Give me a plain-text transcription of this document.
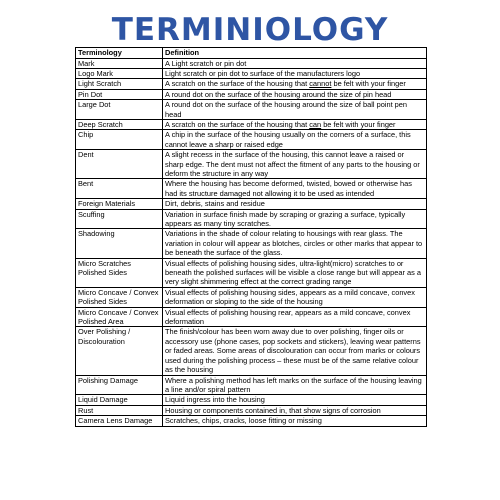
TERMINIOLOGY
Terminology	Definition
Mark	A Light scratch or pin dot
Logo Mark	Light scratch or pin dot to surface of the manufacturers logo
Light Scratch	A scratch on the surface of the housing that cannot be felt with your finger
Pin Dot	A round dot on the surface of the housing around the size of pin head
Large Dot	A round dot on the surface of the housing around the size of ball point pen head
Deep Scratch	A scratch on the surface of the housing that can be felt with your finger
Chip	A chip in the surface of the housing usually on the corners of a surface, this cannot leave a sharp or raised edge
Dent	A slight recess in the surface of the housing, this cannot leave a raised or sharp edge. The dent must not affect the fitment of any parts to the housing or deform the structure in any way
Bent	Where the housing has become deformed, twisted, bowed or otherwise has had its structure damaged not allowing it to be used as intended
Foreign Materials	Dirt, debris, stains and residue
Scuffing	Variation in surface finish made by scraping or grazing a surface, typically appears as many tiny scratches.
Shadowing	Variations in the shade of colour relating to housings with rear glass. The variation in colour will appear as blotches, circles or other marks that appear to be beneath the surface of the glass.
Micro Scratches Polished Sides	Visual effects of polishing housing sides, ultra-light(micro) scratches to or beneath the polished surfaces will be visible a close range but will appear as a very slight shimmering effect at the correct grading range
Micro Concave / Convex Polished Sides	Visual effects of polishing housing sides, appears as a mild concave, convex deformation or sloping to the side of the housing
Micro Concave / Convex Polished Area	Visual effects of polishing housing rear, appears as a mild concave, convex deformation
Over Polishing / Discolouration	The finish/colour has been worn away due to over polishing, finger oils or accessory use (phone cases, pop sockets and stickers), leaving wear patterns or faded areas. Some areas of discolouration can occur from marks or colours used during the polishing process – these must be of the same relative colour as the housing
Polishing Damage	Where a polishing method has left marks on the surface of the housing leaving a line and/or spiral pattern
Liquid Damage	Liquid ingress into the housing
Rust	Housing or components contained in, that show signs of corrosion
Camera Lens Damage	Scratches, chips, cracks, loose fitting or missing
